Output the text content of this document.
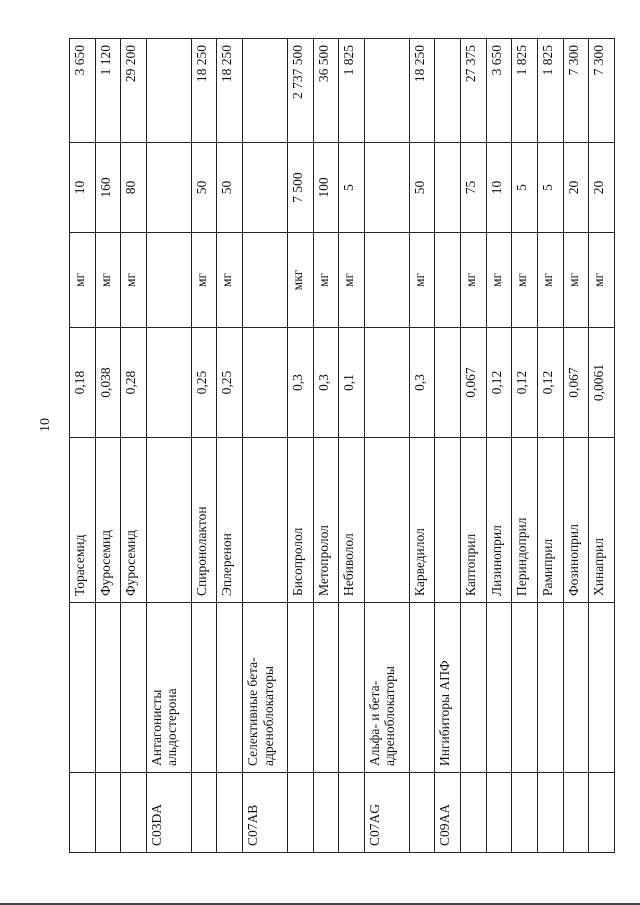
10
		Торасемид	0,18	мг	10	3 650
		Фуросемид	0,038	мг	160	1 120
		Фуросемид	0,28	мг	80	29 200
C03DA	Антагонисты альдостерона					
		Спиронолактон	0,25	мг	50	18 250
		Эплеренон	0,25	мг	50	18 250
C07AB	Селективные бета-адреноблокаторы					
		Бисопролол	0,3	мкг	7 500	2 737 500
		Метопролол	0,3	мг	100	36 500
		Небиволол	0,1	мг	5	1 825
C07AG	Альфа- и бета-адреноблокаторы					
		Карведилол	0,3	мг	50	18 250
C09AA	Ингибиторы АПФ					
		Каптоприл	0,067	мг	75	27 375
		Лизиноприл	0,12	мг	10	3 650
		Периндоприл	0,12	мг	5	1 825
		Рамиприл	0,12	мг	5	1 825
		Фозиноприл	0,067	мг	20	7 300
		Хинаприл	0,0061	мг	20	7 300
